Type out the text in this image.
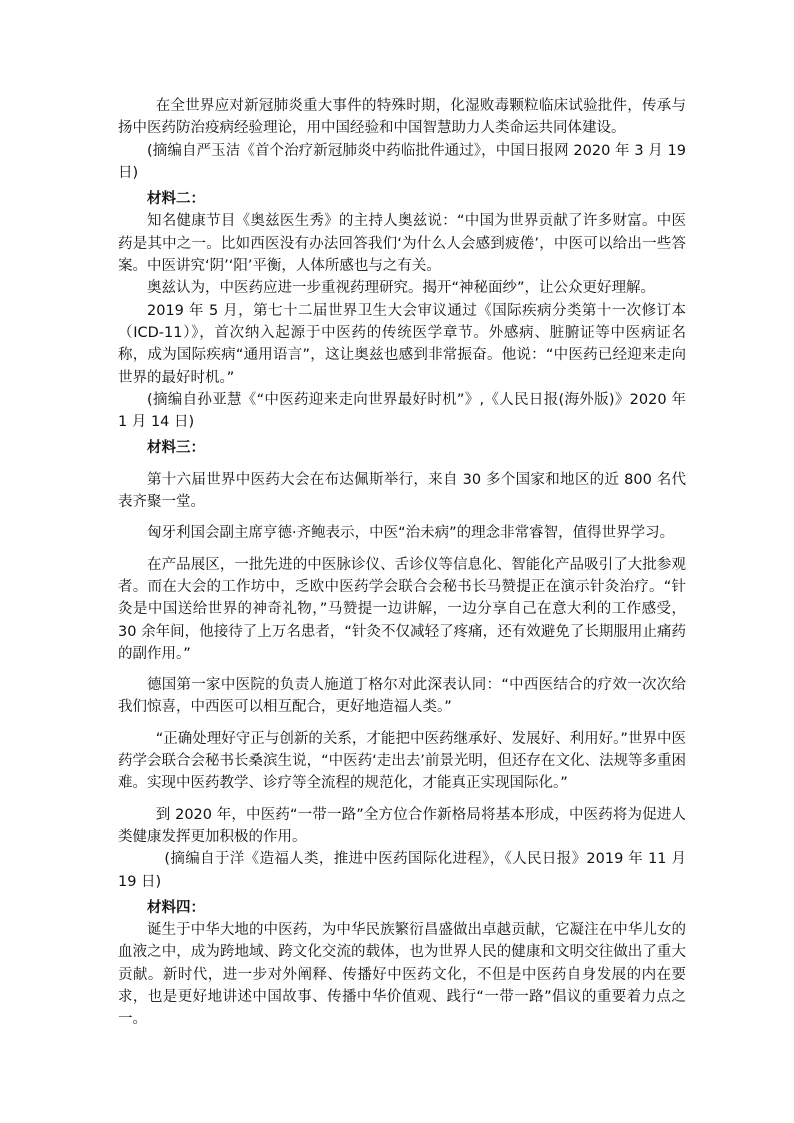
在全世界应对新冠肺炎重大事件的特殊时期，化湿败毒颗粒临床试验批件，传承与扬中医药防治疫病经验理论，用中国经验和中国智慧助力人类命运共同体建设。

(摘编自严玉洁《首个治疗新冠肺炎中药临批件通过》，中国日报网 2020 年 3 月 19 日)

材料二：

知名健康节目《奥兹医生秀》的主持人奥兹说：“中国为世界贡献了许多财富。中医药是其中之一。比如西医没有办法回答我们‘为什么人会感到疲倦’，中医可以给出一些答案。中医讲究‘阴’‘阳’平衡，人体所感也与之有关。

奥兹认为，中医药应进一步重视药理研究。揭开“神秘面纱”，让公众更好理解。

2019 年 5 月，第七十二届世界卫生大会审议通过《国际疾病分类第十一次修订本（ICD-11）》，首次纳入起源于中医药的传统医学章节。外感病、脏腑证等中医病证名称，成为国际疾病“通用语言”，这让奥兹也感到非常振奋。他说：“中医药已经迎来走向世界的最好时机。”

(摘编自孙亚慧《“中医药迎来走向世界最好时机”》,《人民日报(海外版)》2020 年 1 月 14 日)

材料三：

第十六届世界中医药大会在布达佩斯举行，来自 30 多个国家和地区的近 800 名代表齐聚一堂。

匈牙利国会副主席亨德·齐鲍表示，中医“治未病”的理念非常睿智，值得世界学习。

在产品展区，一批先进的中医脉诊仪、舌诊仪等信息化、智能化产品吸引了大批参观者。而在大会的工作坊中，乏欧中医药学会联合会秘书长马赞提正在演示针灸治疗。“针灸是中国送给世界的神奇礼物，”马赞提一边讲解，一边分享自己在意大利的工作感受，30 余年间，他接待了上万名患者，“针灸不仅减轻了疼痛，还有效避免了长期服用止痛药的副作用。”

德国第一家中医院的负责人施道丁格尔对此深表认同：“中西医结合的疗效一次次给我们惊喜，中西医可以相互配合，更好地造福人类。”

“正确处理好守正与创新的关系，才能把中医药继承好、发展好、利用好。”世界中医药学会联合会秘书长桑滨生说，“中医药‘走出去’前景光明，但还存在文化、法规等多重困难。实现中医药教学、诊疗等全流程的规范化，才能真正实现国际化。”

到 2020 年，中医药“一带一路”全方位合作新格局将基本形成，中医药将为促进人类健康发挥更加积极的作用。

(摘编自于洋《造福人类，推进中医药国际化进程》，《人民日报》2019 年 11 月 19 日)

材料四：

诞生于中华大地的中医药，为中华民族繁衍昌盛做出卓越贡献，它凝注在中华儿女的血液之中，成为跨地域、跨文化交流的载体，也为世界人民的健康和文明交往做出了重大贡献。新时代，进一步对外阐释、传播好中医药文化，不但是中医药自身发展的内在要求，也是更好地讲述中国故事、传播中华价值观、践行“一带一路”倡议的重要着力点之一。
